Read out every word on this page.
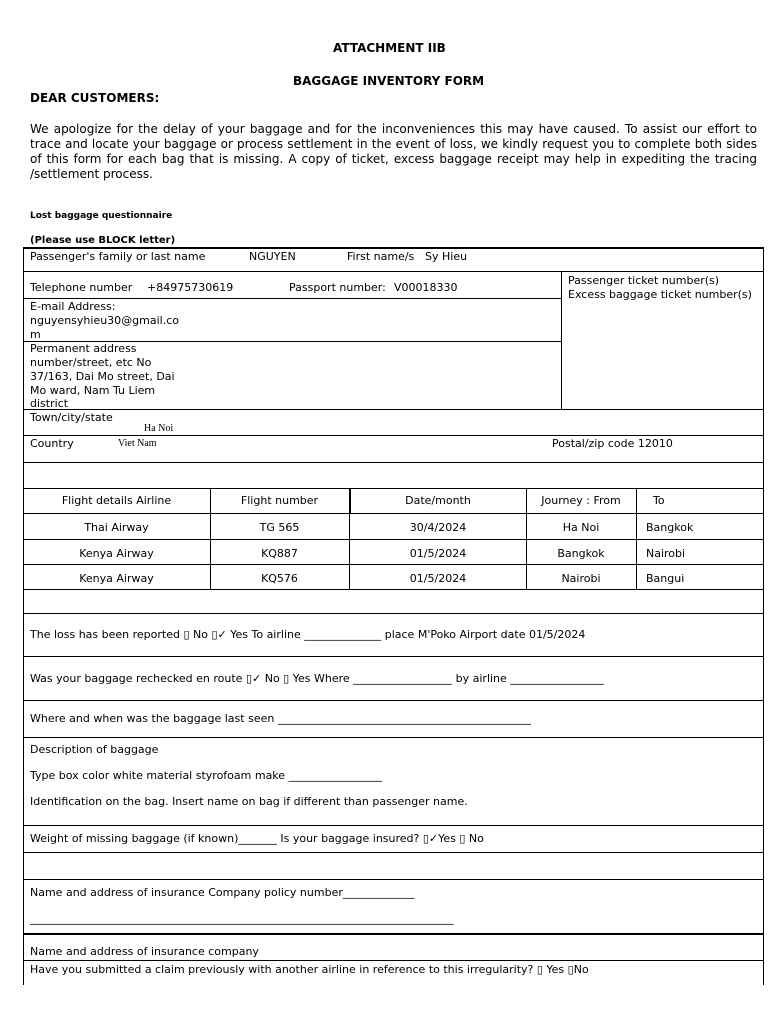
ATTACHMENT IIB
BAGGAGE INVENTORY FORM
DEAR CUSTOMERS:
We apologize for the delay of your baggage and for the inconveniences this may have caused. To assist our effort to trace and locate your baggage or process settlement in the event of loss, we kindly request you to complete both sides of this form for each bag that is missing. A copy of ticket, excess baggage receipt may help in expediting the tracing /settlement process.
Lost baggage questionnaire
(Please use BLOCK letter)
Passenger's family or last name	NGUYEN	First name/s Sy Hieu
Telephone number +84975730619	Passport number: V00018330
Passenger ticket number(s)
Excess baggage ticket number(s)
E-mail Address:
nguyensyhieu30@gmail.co
m
Permanent address
number/street, etc No
37/163, Dai Mo street, Dai
Mo ward, Nam Tu Liem
district
Town/city/state
Ha Noi
Country	Viet Nam	Postal/zip code 12010
Flight details Airline	Flight number	Date/month	Journey : From	To
Thai Airway	TG 565	30/4/2024	Ha Noi	Bangkok
Kenya Airway	KQ887	01/5/2024	Bangkok	Nairobi
Kenya Airway	KQ576	01/5/2024	Nairobi	Bangui
The loss has been reported ▯ No ▯✓ Yes To airline ______________ place M'Poko Airport date 01/5/2024
Was your baggage rechecked en route ▯✓ No ▯ Yes Where __________________ by airline _________________
Where and when was the baggage last seen ______________________________________________
Description of baggage
Type box color white material styrofoam make _________________
Identification on the bag. Insert name on bag if different than passenger name.
Weight of missing baggage (if known)_______ Is your baggage insured? ▯✓Yes ▯ No
Name and address of insurance Company policy number_____________
_____________________________________________________________________________
Name and address of insurance company
Have you submitted a claim previously with another airline in reference to this irregularity? ▯ Yes ▯No
